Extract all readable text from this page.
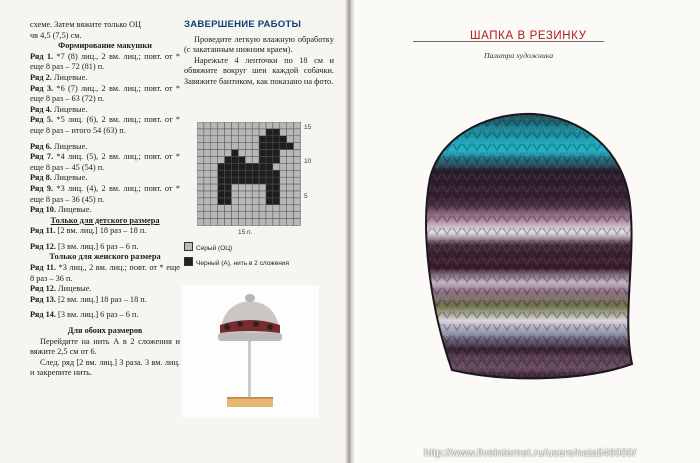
схеме. Затем вяжите только ОЦ

чв 4,5 (7,5) см.

Формирование макушки

Ряд 1. *7 (8) лиц., 2 вм. лиц.; повт. от * еще 8 раз – 72 (81) п.

Ряд 2. Лицевые.

Ряд 3. *6 (7) лиц., 2 вм. лиц.; повт. от * еще 8 раз – 63 (72) п.

Ряд 4. Лицевые.

Ряд 5. *5 лиц. (6), 2 вм. лиц.; повт. от * еще 8 раз – итого 54 (63) п.

Ряд 6. Лицевые.

Ряд 7. *4 лиц. (5), 2 вм. лиц.; повт. от * еще 8 раз – 45 (54) п.

Ряд 8. Лицевые.

Ряд 9. *3 лиц. (4), 2 вм. лиц.; повт. от * еще 8 раз – 36 (45) п.

Ряд 10. Лицевые.

Только для детского размера

Ряд 11. [2 вм. лиц.] 18 раз – 18 п.

Ряд 12. [3 вм. лиц.] 6 раз – 6 п.

Только для женского размера

Ряд 11. *3 лиц., 2 вм. лиц.; повт. от * еще 8 раз – 36 п.

Ряд 12. Лицевые.

Ряд 13. [2 вм. лиц.] 18 раз – 18 п.

Ряд 14. [3 вм. лиц.] 6 раз – 6 п.

Для обоих размеров

Перейдите на нить А в 2 сложения и вяжите 2,5 см от 6.

След. ряд [2 вм. лиц.] 3 раза. 3 вм. лиц. и закрепите нить.

ЗАВЕРШЕНИЕ РАБОТЫ

Проведите легкую влажную обработку (с закатанным нижним краем).

Нарежьте 4 ленточки по 18 см и обвяжите вокруг шеи каждой собачки. Завяжите бантиком, как показано на фото.

15
10
5
15 п.
Серый (ОЦ)
Черный (А), нить в 2 сложения
ШАПКА В РЕЗИНКУ
Палитра художника
http://www.liveinternet.ru/users/natali46000/
